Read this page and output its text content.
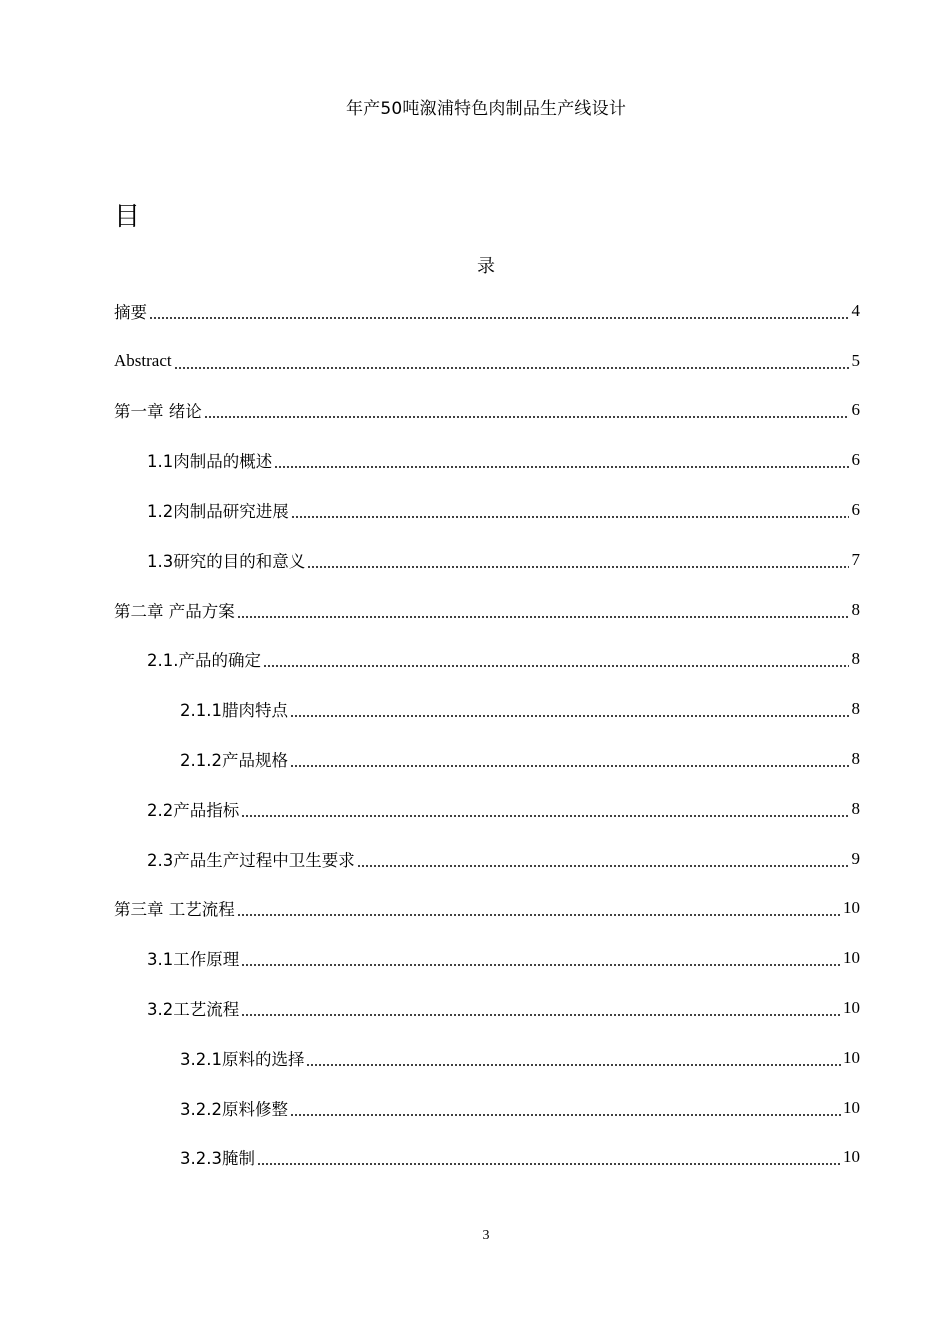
年产50吨溆浦特色肉制品生产线设计
目
录
摘要	4
Abstract	5
第一章 绪论	6
1.1肉制品的概述	6
1.2肉制品研究进展	6
1.3研究的目的和意义	7
第二章 产品方案	8
2.1.产品的确定	8
2.1.1腊肉特点	8
2.1.2产品规格	8
2.2产品指标	8
2.3产品生产过程中卫生要求	9
第三章 工艺流程	10
3.1工作原理	10
3.2工艺流程	10
3.2.1原料的选择	10
3.2.2原料修整	10
3.2.3腌制	10
3
